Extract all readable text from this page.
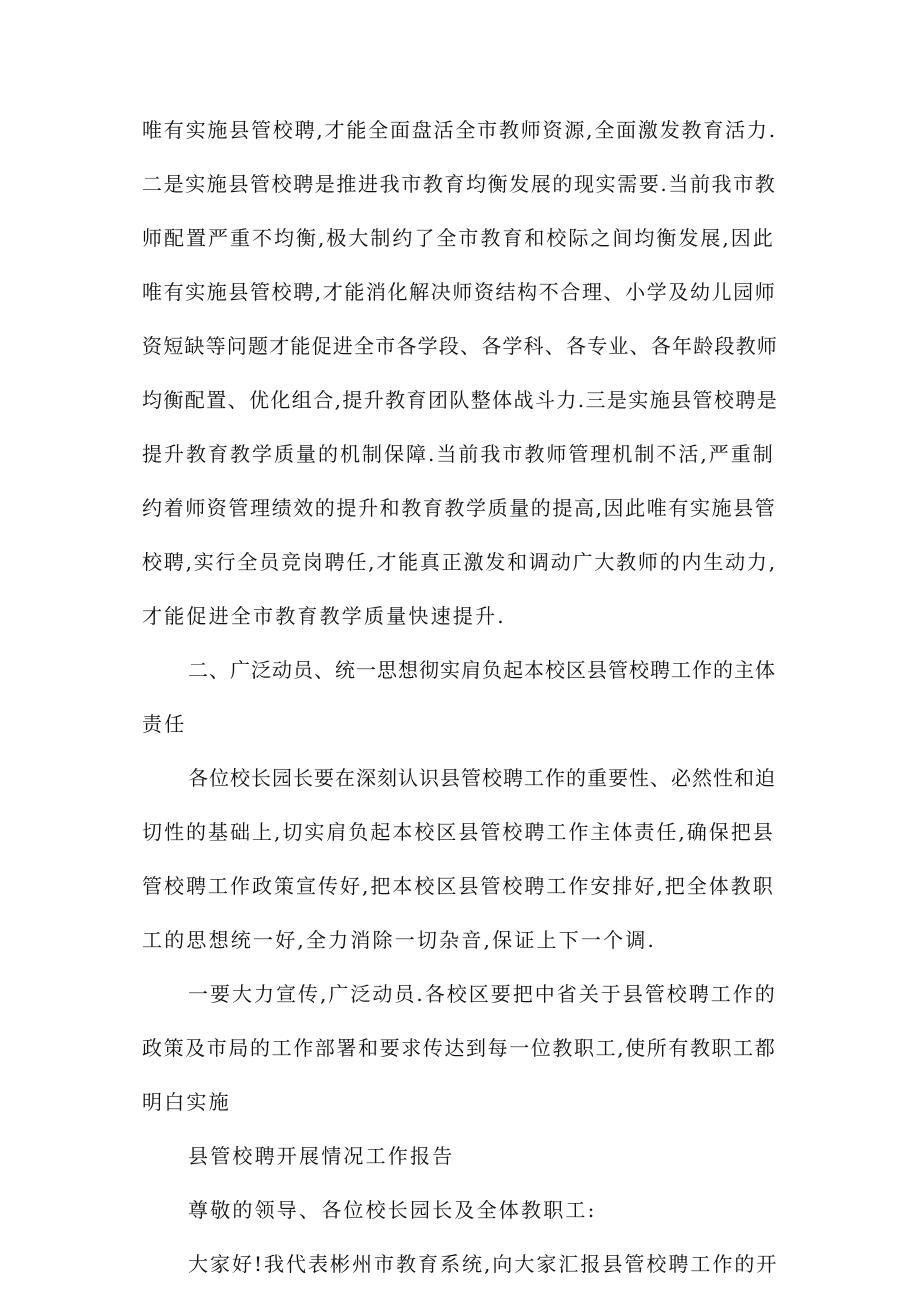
唯有实施县管校聘,才能全面盘活全市教师资源,全面激发教育活力.

二是实施县管校聘是推进我市教育均衡发展的现实需要.当前我市教

师配置严重不均衡,极大制约了全市教育和校际之间均衡发展,因此

唯有实施县管校聘,才能消化解决师资结构不合理、小学及幼儿园师

资短缺等问题才能促进全市各学段、各学科、各专业、各年龄段教师

均衡配置、优化组合,提升教育团队整体战斗力.三是实施县管校聘是

提升教育教学质量的机制保障.当前我市教师管理机制不活,严重制

约着师资管理绩效的提升和教育教学质量的提高,因此唯有实施县管

校聘,实行全员竞岗聘任,才能真正激发和调动广大教师的内生动力,

才能促进全市教育教学质量快速提升.

二、广泛动员、统一思想彻实肩负起本校区县管校聘工作的主体

责任

各位校长园长要在深刻认识县管校聘工作的重要性、必然性和迫

切性的基础上,切实肩负起本校区县管校聘工作主体责任,确保把县

管校聘工作政策宣传好,把本校区县管校聘工作安排好,把全体教职

工的思想统一好,全力消除一切杂音,保证上下一个调.

一要大力宣传,广泛动员.各校区要把中省关于县管校聘工作的

政策及市局的工作部署和要求传达到每一位教职工,使所有教职工都

明白实施

县管校聘开展情况工作报告

尊敬的领导、各位校长园长及全体教职工:

大家好!我代表彬州市教育系统,向大家汇报县管校聘工作的开
